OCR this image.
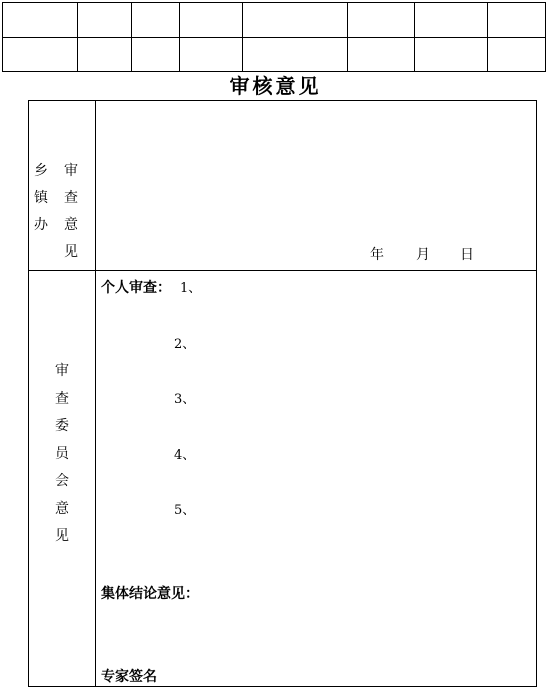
审核意见
乡
镇
办
审
查
意
见	年 月 日
审
查
委
员
会
意
见
个人审查： 1、
2、
3、
4、
5、
集体结论意见：
专家签名
